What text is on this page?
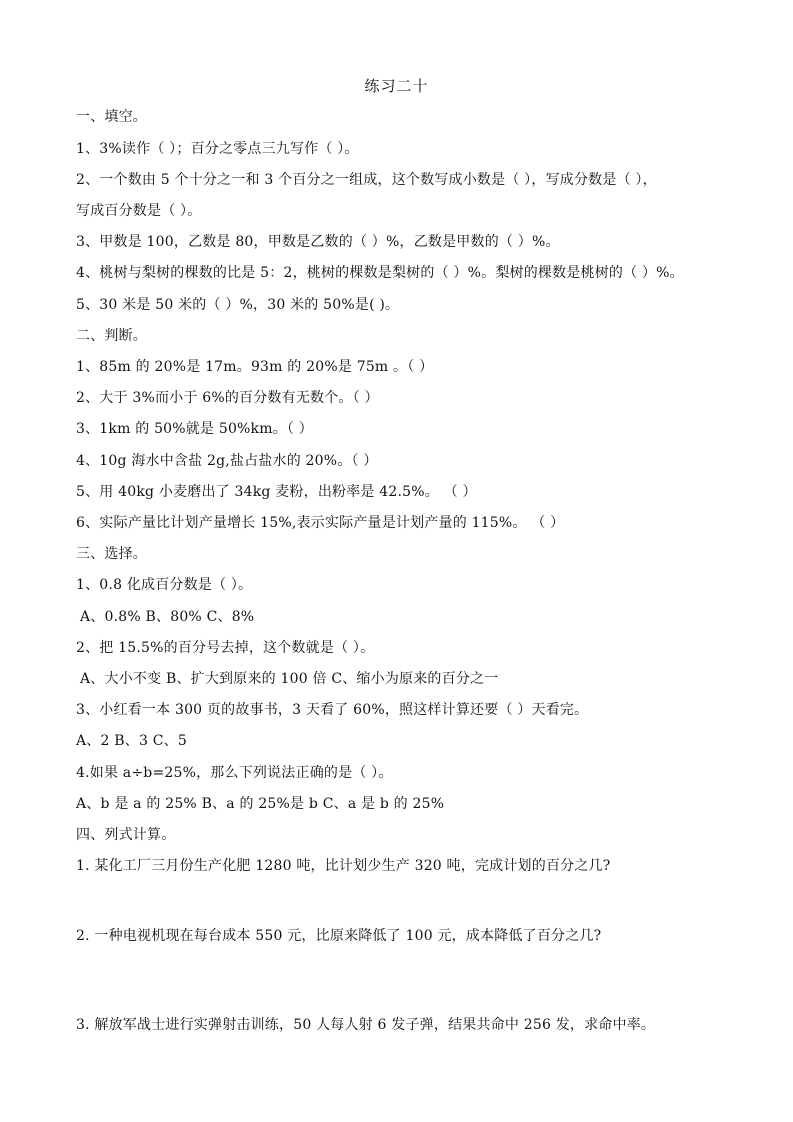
练习二十
一、填空。
1、3%读作（ ）；百分之零点三九写作（ ）。
2、一个数由 5 个十分之一和 3 个百分之一组成，这个数写成小数是（ ），写成分数是（ ），
写成百分数是（ ）。
3、甲数是 100，乙数是 80，甲数是乙数的（ ）%，乙数是甲数的（ ）%。
4、桃树与梨树的棵数的比是 5：2，桃树的棵数是梨树的（ ）%。梨树的棵数是桃树的（ ）%。
5、30 米是 50 米的（ ）%，30 米的 50%是( )。
二、判断。
1、85m 的 20%是 17m。93m 的 20%是 75m 。（ ）
2、大于 3%而小于 6%的百分数有无数个。（ ）
3、1km 的 50%就是 50%km。（ ）
4、10g 海水中含盐 2g,盐占盐水的 20%。（ ）
5、用 40kg 小麦磨出了 34kg 麦粉，出粉率是 42.5%。 （ ）
6、实际产量比计划产量增长 15%,表示实际产量是计划产量的 115%。 （ ）
三、选择。
1、0.8 化成百分数是（ ）。
A、0.8% B、80% C、8%
2、把 15.5%的百分号去掉，这个数就是（ ）。
A、大小不变 B、扩大到原来的 100 倍 C、缩小为原来的百分之一
3、小红看一本 300 页的故事书，3 天看了 60%，照这样计算还要（ ）天看完。
A、2 B、3 C、5
4.如果 a÷b=25%，那么下列说法正确的是（ ）。
A、b 是 a 的 25% B、a 的 25%是 b C、a 是 b 的 25%
四、列式计算。
1. 某化工厂三月份生产化肥 1280 吨，比计划少生产 320 吨，完成计划的百分之几?
2. 一种电视机现在每台成本 550 元，比原来降低了 100 元，成本降低了百分之几?
3. 解放军战士进行实弹射击训练，50 人每人射 6 发子弹，结果共命中 256 发，求命中率。
